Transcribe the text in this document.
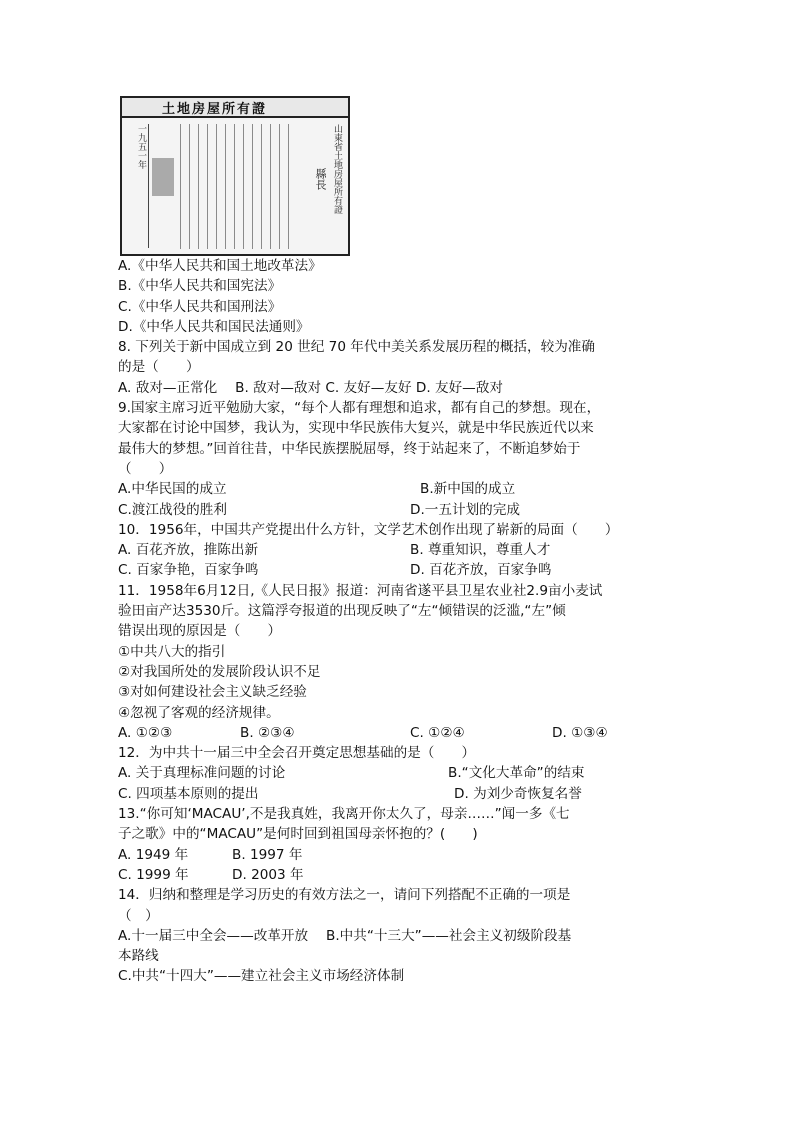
土地房屋所有證
山東省土地房屋所有證
一九五一年
縣長
A.《中华人民共和国土地改革法》
B.《中华人民共和国宪法》
C.《中华人民共和国刑法》
D.《中华人民共和国民法通则》
8. 下列关于新中国成立到 20 世纪 70 年代中美关系发展历程的概括，较为准确
的是（　　）
A. 敌对—正常化　 B. 敌对—敌对 C. 友好—友好 D. 友好—敌对
9.国家主席习近平勉励大家，“每个人都有理想和追求，都有自己的梦想。现在，
大家都在讨论中国梦，我认为，实现中华民族伟大复兴，就是中华民族近代以来
最伟大的梦想。”回首往昔，中华民族摆脱屈辱，终于站起来了，不断追梦始于
（　　）
A.中华民国的成立	B.新中国的成立
C.渡江战役的胜利	D.一五计划的完成
10．1956年，中国共产党提出什么方针，文学艺术创作出现了崭新的局面（　　）
A. 百花齐放，推陈出新	B. 尊重知识，尊重人才
C. 百家争艳，百家争鸣	D. 百花齐放，百家争鸣
11．1958年6月12日,《人民日报》报道：河南省遂平县卫星农业社2.9亩小麦试
验田亩产达3530斤。这篇浮夸报道的出现反映了“左“倾错误的泛滥,“左”倾
错误出现的原因是（　　）
①中共八大的指引
②对我国所处的发展阶段认识不足
③对如何建设社会主义缺乏经验
④忽视了客观的经济规律。
A. ①②③	B. ②③④	C. ①②④	D. ①③④
12．为中共十一届三中全会召开奠定思想基础的是（　　）
A. 关于真理标准问题的讨论	B.“文化大革命”的结束
C. 四项基本原则的提出	D. 为刘少奇恢复名誉
13.“你可知‘MACAU’,不是我真姓，我离开你太久了，母亲……”闻一多《七
子之歌》中的“MACAU”是何时回到祖国母亲怀抱的？(　　)
A. 1949 年	B. 1997 年
C. 1999 年	D. 2003 年
14．归纳和整理是学习历史的有效方法之一，请问下列搭配不正确的一项是
（　）
A.十一届三中全会——改革开放　 B.中共“十三大”——社会主义初级阶段基
本路线
C.中共“十四大”——建立社会主义市场经济体制
